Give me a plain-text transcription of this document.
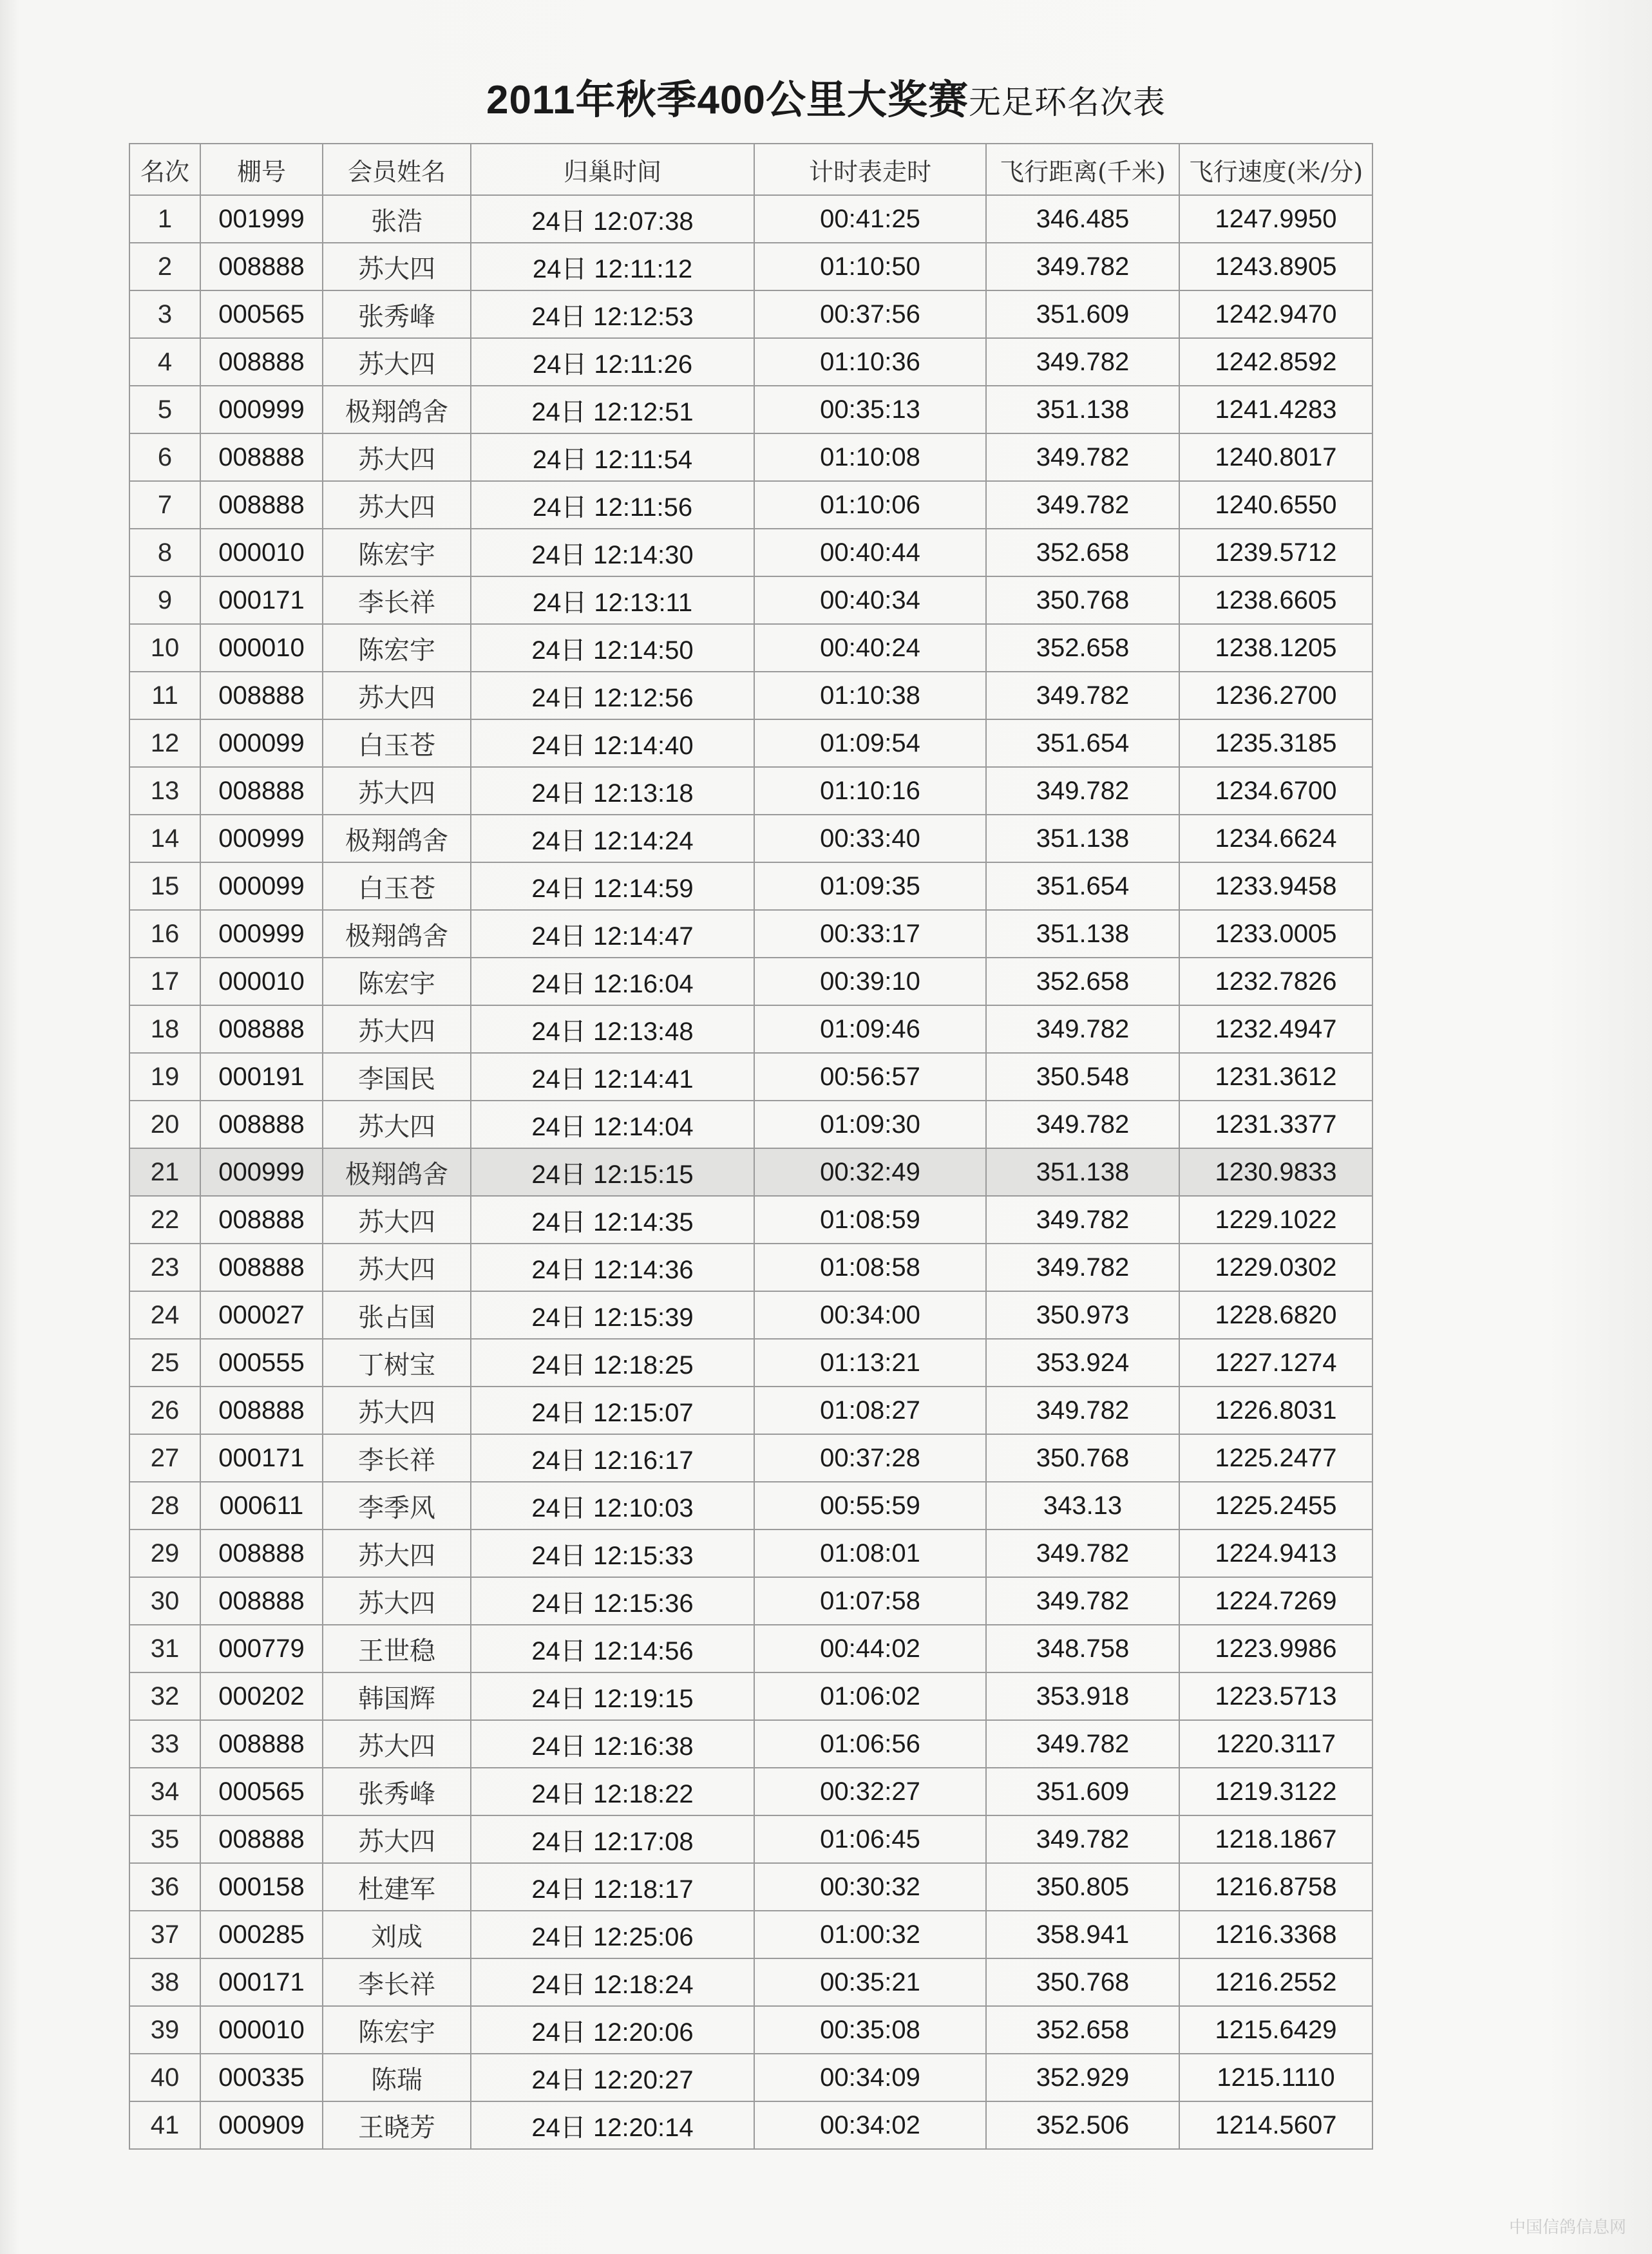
2011年秋季400公里大奖赛无足环名次表
名次	棚号	会员姓名	归巢时间	计时表走时	飞行距离(千米)	飞行速度(米/分)
1	001999	张浩	24日 12:07:38	00:41:25	346.485	1247.9950
2	008888	苏大四	24日 12:11:12	01:10:50	349.782	1243.8905
3	000565	张秀峰	24日 12:12:53	00:37:56	351.609	1242.9470
4	008888	苏大四	24日 12:11:26	01:10:36	349.782	1242.8592
5	000999	极翔鸽舍	24日 12:12:51	00:35:13	351.138	1241.4283
6	008888	苏大四	24日 12:11:54	01:10:08	349.782	1240.8017
7	008888	苏大四	24日 12:11:56	01:10:06	349.782	1240.6550
8	000010	陈宏宇	24日 12:14:30	00:40:44	352.658	1239.5712
9	000171	李长祥	24日 12:13:11	00:40:34	350.768	1238.6605
10	000010	陈宏宇	24日 12:14:50	00:40:24	352.658	1238.1205
11	008888	苏大四	24日 12:12:56	01:10:38	349.782	1236.2700
12	000099	白玉苍	24日 12:14:40	01:09:54	351.654	1235.3185
13	008888	苏大四	24日 12:13:18	01:10:16	349.782	1234.6700
14	000999	极翔鸽舍	24日 12:14:24	00:33:40	351.138	1234.6624
15	000099	白玉苍	24日 12:14:59	01:09:35	351.654	1233.9458
16	000999	极翔鸽舍	24日 12:14:47	00:33:17	351.138	1233.0005
17	000010	陈宏宇	24日 12:16:04	00:39:10	352.658	1232.7826
18	008888	苏大四	24日 12:13:48	01:09:46	349.782	1232.4947
19	000191	李国民	24日 12:14:41	00:56:57	350.548	1231.3612
20	008888	苏大四	24日 12:14:04	01:09:30	349.782	1231.3377
21	000999	极翔鸽舍	24日 12:15:15	00:32:49	351.138	1230.9833
22	008888	苏大四	24日 12:14:35	01:08:59	349.782	1229.1022
23	008888	苏大四	24日 12:14:36	01:08:58	349.782	1229.0302
24	000027	张占国	24日 12:15:39	00:34:00	350.973	1228.6820
25	000555	丁树宝	24日 12:18:25	01:13:21	353.924	1227.1274
26	008888	苏大四	24日 12:15:07	01:08:27	349.782	1226.8031
27	000171	李长祥	24日 12:16:17	00:37:28	350.768	1225.2477
28	000611	李季风	24日 12:10:03	00:55:59	343.13	1225.2455
29	008888	苏大四	24日 12:15:33	01:08:01	349.782	1224.9413
30	008888	苏大四	24日 12:15:36	01:07:58	349.782	1224.7269
31	000779	王世稳	24日 12:14:56	00:44:02	348.758	1223.9986
32	000202	韩国辉	24日 12:19:15	01:06:02	353.918	1223.5713
33	008888	苏大四	24日 12:16:38	01:06:56	349.782	1220.3117
34	000565	张秀峰	24日 12:18:22	00:32:27	351.609	1219.3122
35	008888	苏大四	24日 12:17:08	01:06:45	349.782	1218.1867
36	000158	杜建军	24日 12:18:17	00:30:32	350.805	1216.8758
37	000285	刘成	24日 12:25:06	01:00:32	358.941	1216.3368
38	000171	李长祥	24日 12:18:24	00:35:21	350.768	1216.2552
39	000010	陈宏宇	24日 12:20:06	00:35:08	352.658	1215.6429
40	000335	陈瑞	24日 12:20:27	00:34:09	352.929	1215.1110
41	000909	王晓芳	24日 12:20:14	00:34:02	352.506	1214.5607
中国信鸽信息网
